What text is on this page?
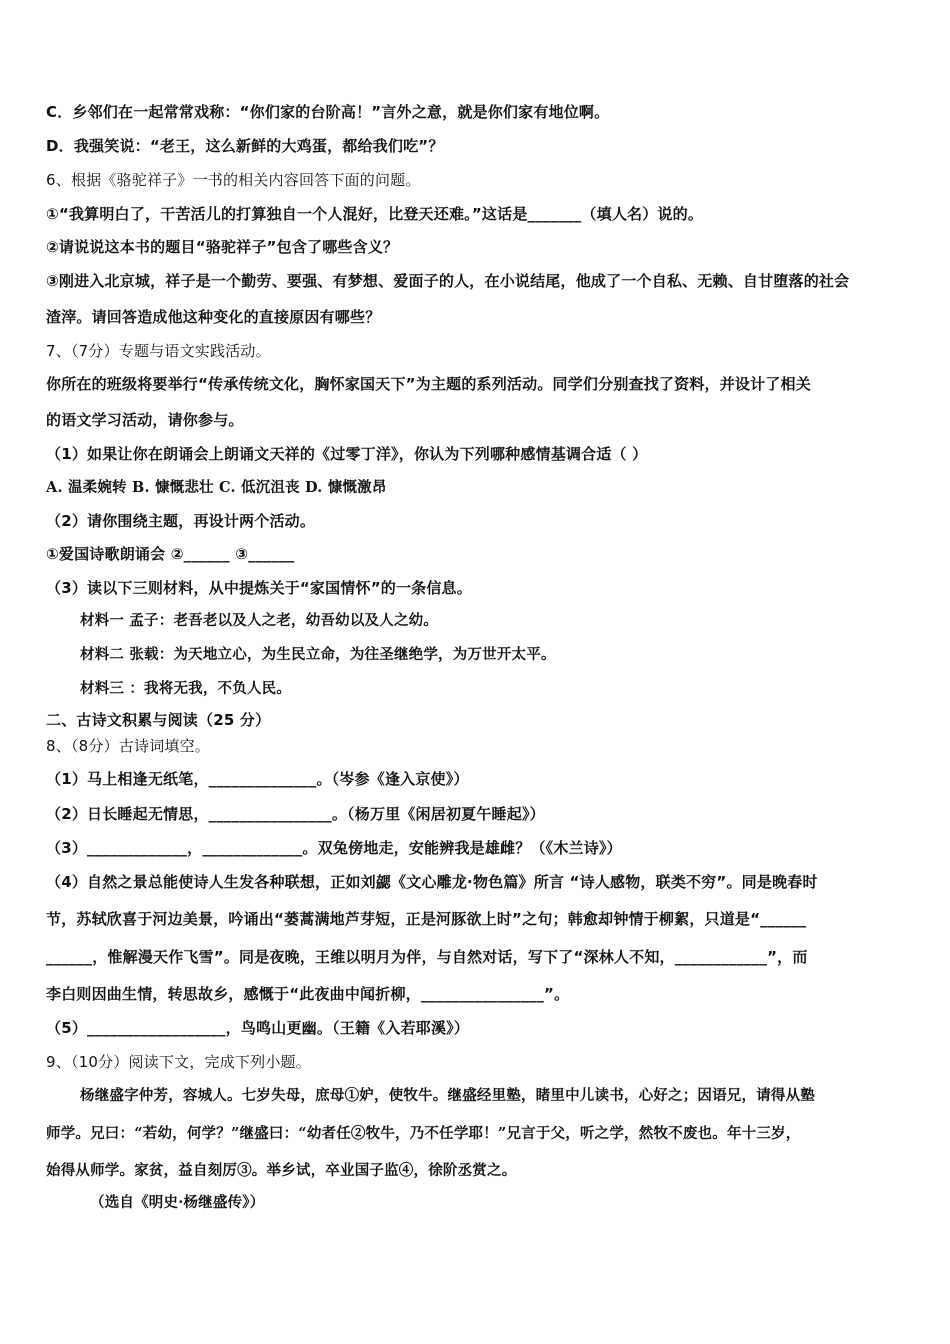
C．乡邻们在一起常常戏称：“你们家的台阶高！”言外之意，就是你们家有地位啊。
D．我强笑说：“老王，这么新鲜的大鸡蛋，都给我们吃”？
6、根据《骆驼祥子》一书的相关内容回答下面的问题。
①“我算明白了，干苦活儿的打算独自一个人混好，比登天还难。”这话是_______（填人名）说的。
②请说说这本书的题目“骆驼祥子”包含了哪些含义？
③刚进入北京城，祥子是一个勤劳、要强、有梦想、爱面子的人，在小说结尾，他成了一个自私、无赖、自甘堕落的社会
渣滓。请回答造成他这种变化的直接原因有哪些？
7、（7分）专题与语文实践活动。
你所在的班级将要举行“传承传统文化，胸怀家国天下”为主题的系列活动。同学们分别查找了资料，并设计了相关
的语文学习活动，请你参与。
（1）如果让你在朗诵会上朗诵文天祥的《过零丁洋》，你认为下列哪种感情基调合适（ ）
A. 温柔婉转 B. 慷慨悲壮 C. 低沉沮丧 D. 慷慨激昂
（2）请你围绕主题，再设计两个活动。
①爱国诗歌朗诵会 ②______ ③______
（3）读以下三则材料，从中提炼关于“家国情怀”的一条信息。
材料一 孟子：老吾老以及人之老，幼吾幼以及人之幼。
材料二 张载：为天地立心，为生民立命，为往圣继绝学，为万世开太平。
材料三 ：我将无我，不负人民。
二、古诗文积累与阅读（25 分）
8、（8分）古诗词填空。
（1）马上相逢无纸笔，______________。（岑参《逢入京使》）
（2）日长睡起无情思，________________。（杨万里《闲居初夏午睡起》）
（3）_____________，_____________。双兔傍地走，安能辨我是雄雌？（《木兰诗》）
（4）自然之景总能使诗人生发各种联想，正如刘勰《文心雕龙·物色篇》所言 “诗人感物，联类不穷”。同是晚春时
节，苏轼欣喜于河边美景，吟诵出“蒌蒿满地芦芽短，正是河豚欲上时”之句；韩愈却钟情于柳絮，只道是“______
______，惟解漫天作飞雪”。同是夜晚，王维以明月为伴，与自然对话，写下了“深林人不知，____________”，而
李白则因曲生情，转思故乡，感慨于“此夜曲中闻折柳，________________”。
（5）__________________，鸟鸣山更幽。（王籍《入若耶溪》）
9、（10分）阅读下文，完成下列小题。
杨继盛字仲芳，容城人。七岁失母，庶母①妒，使牧牛。继盛经里塾，睹里中儿读书，心好之；因语兄，请得从塾
师学。兄曰：“若幼，何学？”继盛曰：“幼者任②牧牛，乃不任学耶！”兄言于父，听之学，然牧不废也。年十三岁，
始得从师学。家贫，益自刻厉③。举乡试，卒业国子监④，徐阶丞赏之。
（选自《明史·杨继盛传》）
